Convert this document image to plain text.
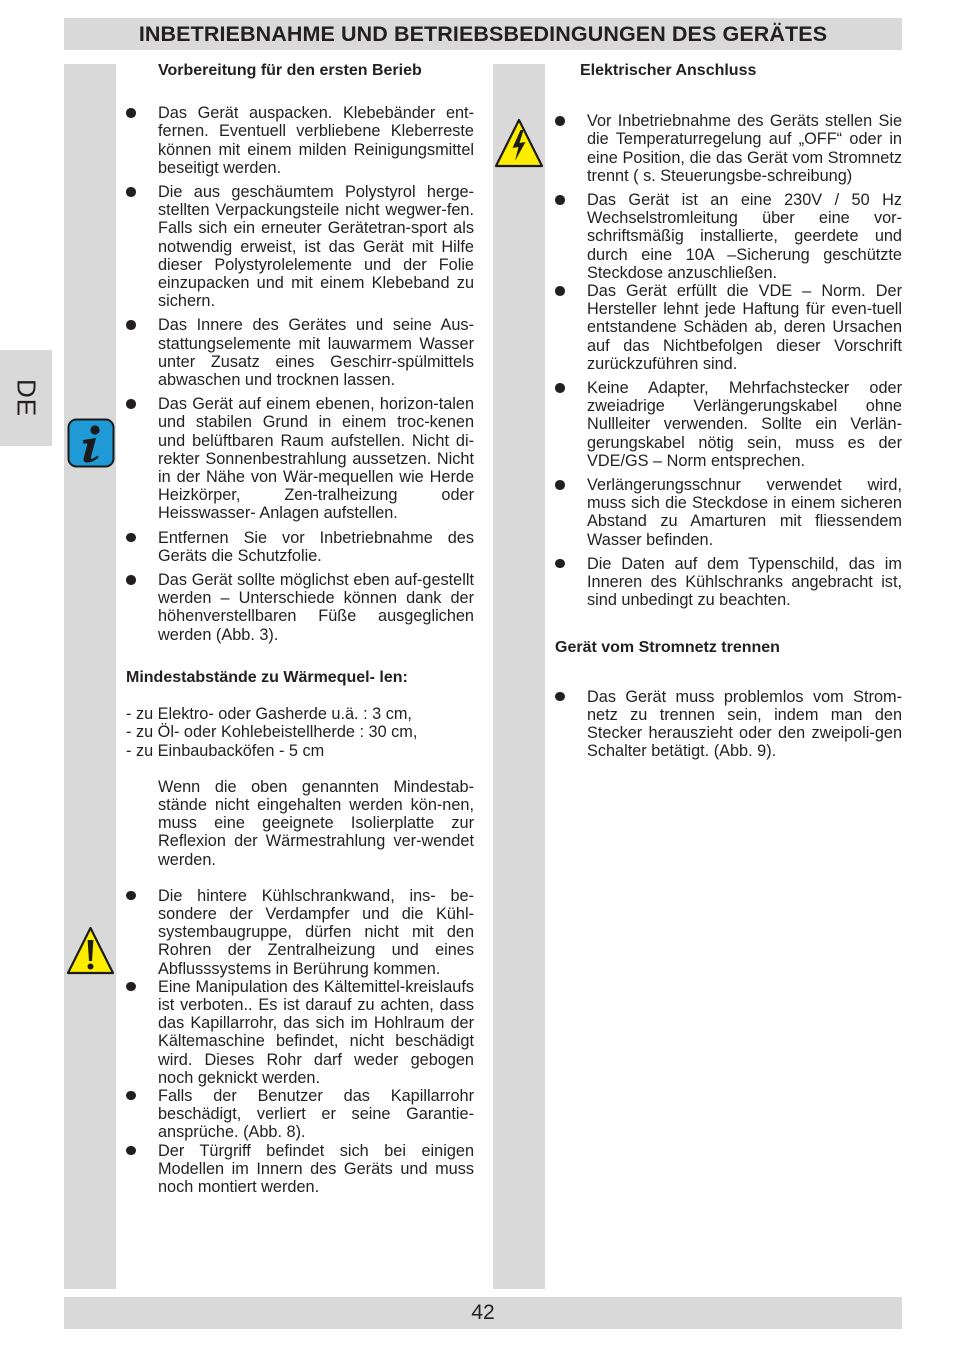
INBETRIEBNAHME UND BETRIEBSBEDINGUNGEN DES GERÄTES
DE
Vorbereitung für den ersten Berieb
Das Gerät auspacken. Klebebänder ent- fernen. Eventuell verbliebene Kleberreste können mit einem milden Reinigungsmittel beseitigt werden.
Die aus geschäumtem Polystyrol herge-stellten Verpackungsteile nicht wegwer-fen. Falls sich ein erneuter Gerätetran-sport als notwendig erweist, ist das Gerät mit Hilfe dieser Polystyrolelemente und der Folie einzupacken und mit einem Klebeband zu sichern.
Das Innere des Gerätes und seine Aus- stattungselemente mit lauwarmem Wasser unter Zusatz eines Geschirr-spülmittels abwaschen und trocknen lassen.
Das Gerät auf einem ebenen, horizon-talen und stabilen Grund in einem troc-kenen und belüftbaren Raum aufstellen. Nicht di- rekter Sonnenbestrahlung aussetzen. Nicht in der Nähe von Wär-mequellen wie Herde Heizkörper, Zen-tralheizung oder Heisswasser- Anlagen aufstellen.
Entfernen Sie vor Inbetriebnahme des Geräts die Schutzfolie.
Das Gerät sollte möglichst eben auf-gestellt werden – Unterschiede können dank der höhenverstellbaren Füße ausgeglichen werden (Abb. 3).
Mindestabstände zu Wärmequel- len:

- zu Elektro- oder Gasherde u.ä. : 3 cm,

- zu Öl- oder Kohlebeistellherde : 30 cm,

- zu Einbaubacköfen - 5 cm

Wenn die oben genannten Mindestab-stände nicht eingehalten werden kön-nen, muss eine geeignete Isolierplatte zur Reflexion der Wärmestrahlung ver-wendet werden.

Die hintere Kühlschrankwand, ins- be-sondere der Verdampfer und die Kühl-systembaugruppe, dürfen nicht mit den Rohren der Zentralheizung und eines Abflusssystems in Berührung kommen.
Eine Manipulation des Kältemittel-kreislaufs ist verboten.. Es ist darauf zu achten, dass das Kapillarrohr, das sich im Hohlraum der Kältemaschine befindet, nicht beschädigt wird. Dieses Rohr darf weder gebogen noch geknickt werden.
Falls der Benutzer das Kapillarrohr beschädigt, verliert er seine Garantie-ansprüche. (Abb. 8).
Der Türgriff befindet sich bei einigen Modellen im Innern des Geräts und muss noch montiert werden.
Elektrischer Anschluss
Vor Inbetriebnahme des Geräts stellen Sie die Temperaturregelung auf „OFF“ oder in eine Position, die das Gerät vom Stromnetz trennt ( s. Steuerungsbe-schreibung)
Das Gerät ist an eine 230V / 50 Hz Wechselstromleitung über eine vor-schriftsmäßig installierte, geerdete und durch eine 10A –Sicherung geschützte Steckdose anzuschließen.
Das Gerät erfüllt die VDE – Norm. Der Hersteller lehnt jede Haftung für even-tuell entstandene Schäden ab, deren Ursachen auf das Nichtbefolgen dieser Vorschrift zurückzuführen sind.
Keine Adapter, Mehrfachstecker oder zweiadrige Verlängerungskabel ohne Nullleiter verwenden. Sollte ein Verlän-gerungskabel nötig sein, muss es der VDE/GS – Norm entsprechen.
Verlängerungsschnur verwendet wird, muss sich die Steckdose in einem sicheren Abstand zu Amarturen mit fliessendem Wasser befinden.
Die Daten auf dem Typenschild, das im Inneren des Kühlschranks angebracht ist, sind unbedingt zu beachten.
Gerät vom Stromnetz trennen
Das Gerät muss problemlos vom Strom-netz zu trennen sein, indem man den Stecker herauszieht oder den zweipoli-gen Schalter betätigt. (Abb. 9).
42
